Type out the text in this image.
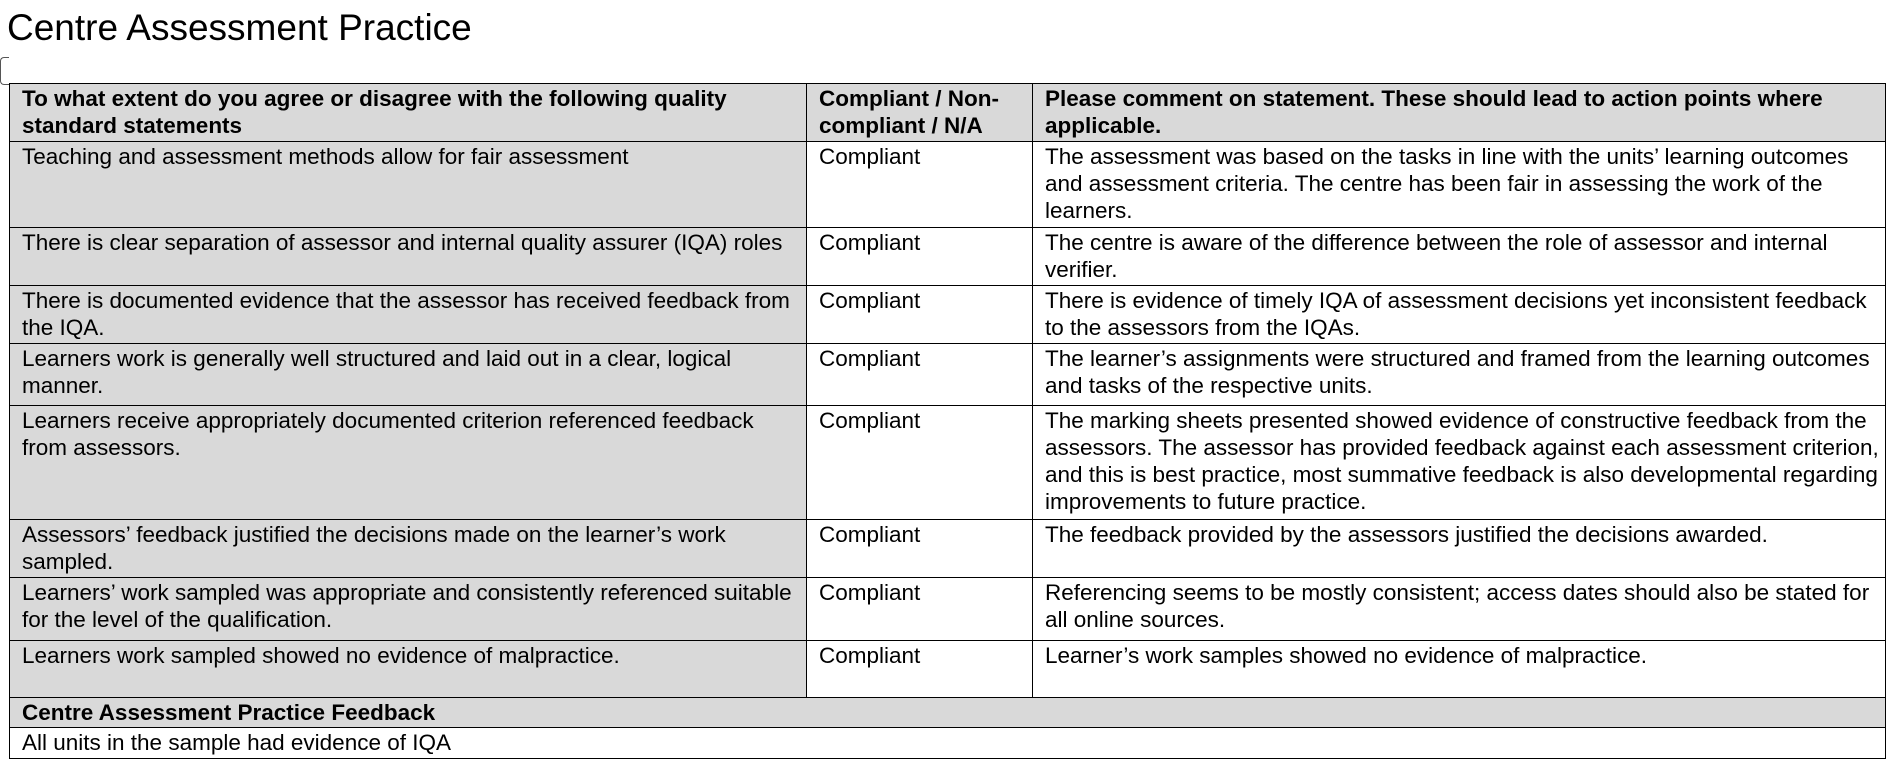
Centre Assessment Practice
To what extent do you agree or disagree with the following quality standard statements	Compliant / Non-compliant / N/A	Please comment on statement. These should lead to action points where applicable.
Teaching and assessment methods allow for fair assessment	Compliant	The assessment was based on the tasks in line with the units’ learning outcomes and assessment criteria. The centre has been fair in assessing the work of the learners.
There is clear separation of assessor and internal quality assurer (IQA) roles	Compliant	The centre is aware of the difference between the role of assessor and internal verifier.
There is documented evidence that the assessor has received feedback from the IQA.	Compliant	There is evidence of timely IQA of assessment decisions yet inconsistent feedback to the assessors from the IQAs.
Learners work is generally well structured and laid out in a clear, logical manner.	Compliant	The learner’s assignments were structured and framed from the learning outcomes and tasks of the respective units.
Learners receive appropriately documented criterion referenced feedback from assessors.	Compliant	The marking sheets presented showed evidence of constructive feedback from the assessors. The assessor has provided feedback against each assessment criterion, and this is best practice, most summative feedback is also developmental regarding improvements to future practice.
Assessors’ feedback justified the decisions made on the learner’s work sampled.	Compliant	The feedback provided by the assessors justified the decisions awarded.
Learners’ work sampled was appropriate and consistently referenced suitable for the level of the qualification.	Compliant	Referencing seems to be mostly consistent; access dates should also be stated for all online sources.
Learners work sampled showed no evidence of malpractice.	Compliant	Learner’s work samples showed no evidence of malpractice.
Centre Assessment Practice Feedback		
All units in the sample had evidence of IQA		
